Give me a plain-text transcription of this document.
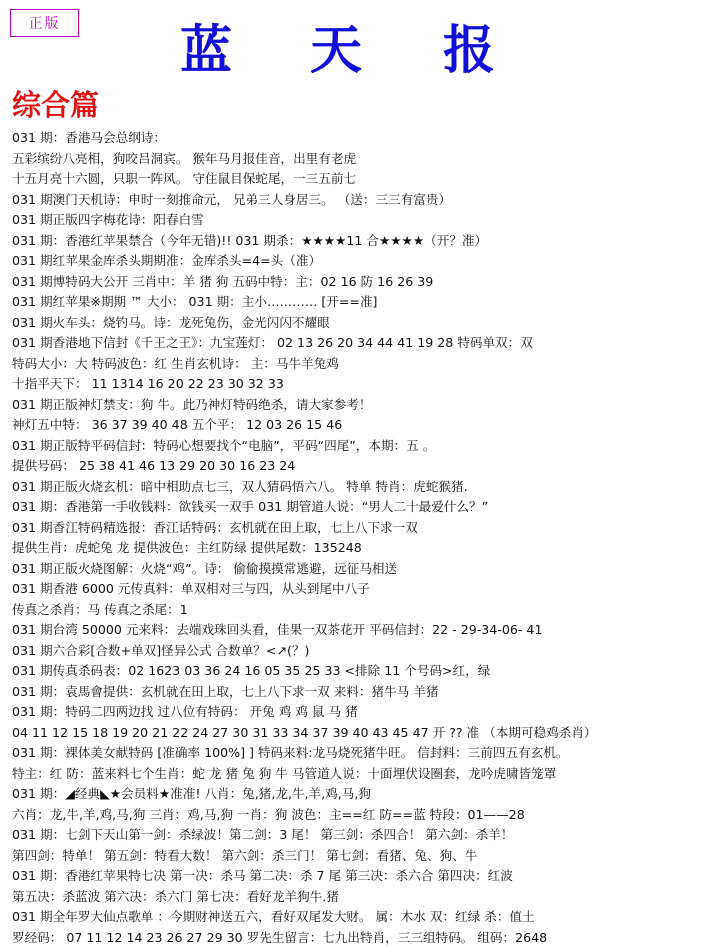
正版	蓝 天 报
综合篇
031 期：香港马会总纲诗：
五彩缤纷八亮相，狗咬吕洞宾。 猴年马月报佳音，出里有老虎
十五月亮十六圆，只职一阵风。 守住鼠目保蛇尾，一三五前七
031 期澳门天机诗：申时一刻推命元， 兄弟三人身居三。 （送：三三有富贵）
031 期正版四字梅花诗：阳春白雪
031 期：香港红苹果禁合（今年无错)!! 031 期杀：★★★★11 合★★★★（开？准）
031 期红苹果金库杀头期期准：金库杀头=4=头（准）
031 期博特码大公开 三肖中：羊 猪 狗 五码中特：主：02 16 防 16 26 39
031 期红苹果※期期 ™ 大小： 031 期：主小………… [开==准]
031 期火车头：烧钓马。诗：龙死兔伤，金光闪闪不耀眼
031 期香港地下信封《千王之王》：九宝莲灯： 02 13 26 20 34 44 41 19 28 特码单双：双
特码大小：大 特码波色：红 生肖玄机诗： 主：马牛羊兔鸡
十指平天下： 11 1314 16 20 22 23 30 32 33
031 期正版神灯禁支：狗 牛。此乃神灯特码绝杀，请大家参考！
神灯五中特： 36 37 39 40 48 五个平： 12 03 26 15 46
031 期正版特平码信封：特码心想要找个“电脑”，平码“四尾”，本期：五 。
提供号码： 25 38 41 46 13 29 20 30 16 23 24
031 期正版火烧玄机：暗中相助点七三，双人猜码悟六八。 特单 特肖：虎蛇猴猪.
031 期：香港第一手收钱料：欲钱买一双手 031 期管道人说：“男人二十最爱什么？”
031 期香江特码精选报：香江话特码：玄机就在田上取，七上八下求一双
提供生肖：虎蛇兔 龙 提供波色：主红防绿 提供尾数：135248
031 期正版火烧图解：火烧“鸡”。诗： 偷偷摸摸常逃避，远征马相送
031 期香港 6000 元传真料：单双相对三与四，从头到尾中八子
传真之杀肖：马 传真之杀尾：1
031 期台湾 50000 元来料：去端戏珠回头看，佳果一双茶花开 平码信封：22 - 29-34-06- 41
031 期六合彩[合数+单双]怪异公式 合数单？<↗(？)
031 期传真杀码表：02 1623 03 36 24 16 05 35 25 33 <排除 11 个号码>红，绿
031 期：袁馬會提供：玄机就在田上取，七上八下求一双 来料：猪牛马 羊猪
031 期：特码二四两边找 过八位有特码： 开兔 鸡 鸡 鼠 马 猪
04 11 12 15 18 19 20 21 22 24 27 30 31 33 34 37 39 40 43 45 47 开 ?? 准 （本期可稳鸡杀肖）
031 期：裸体美女献特码 [准确率 100%] ] 特码来料:龙马烧死猪牛旺。 信封料：三前四五有玄机。
特主：红 防：蓝来料七个生肖：蛇 龙 猪 兔 狗 牛 马管道人说：十面埋伏设圈套，龙吟虎啸皆笼罩
031 期：◢经典◣★会员料★准准! 八肖：兔,猪,龙,牛,羊,鸡,马,狗
六肖：龙,牛,羊,鸡,马,狗 三肖：鸡,马,狗 一肖：狗 波色：主==红 防==蓝 特段：01——28
031 期：七剑下天山第一剑：杀绿波！第二剑：3 尾！ 第三剑：杀四合！ 第六剑：杀羊！
第四剑：特单！ 第五剑：特看大数！ 第六剑：杀三门！ 第七剑：看猪、兔、狗、牛
031 期：香港红苹果特七决 第一决：杀马 第二决：杀 7 尾 第三决：杀六合 第四决：红波
第五决：杀蓝波 第六决：杀六门 第七决：看好龙羊狗牛.猪
031 期全年罗大仙点歌单 ：今期财神送五六，看好双尾发大财。 属：木水 双：红绿 杀：值土
罗经码： 07 11 12 14 23 26 27 29 30 罗先生留言：七九出特肖，三三组特码。 组码：2648
